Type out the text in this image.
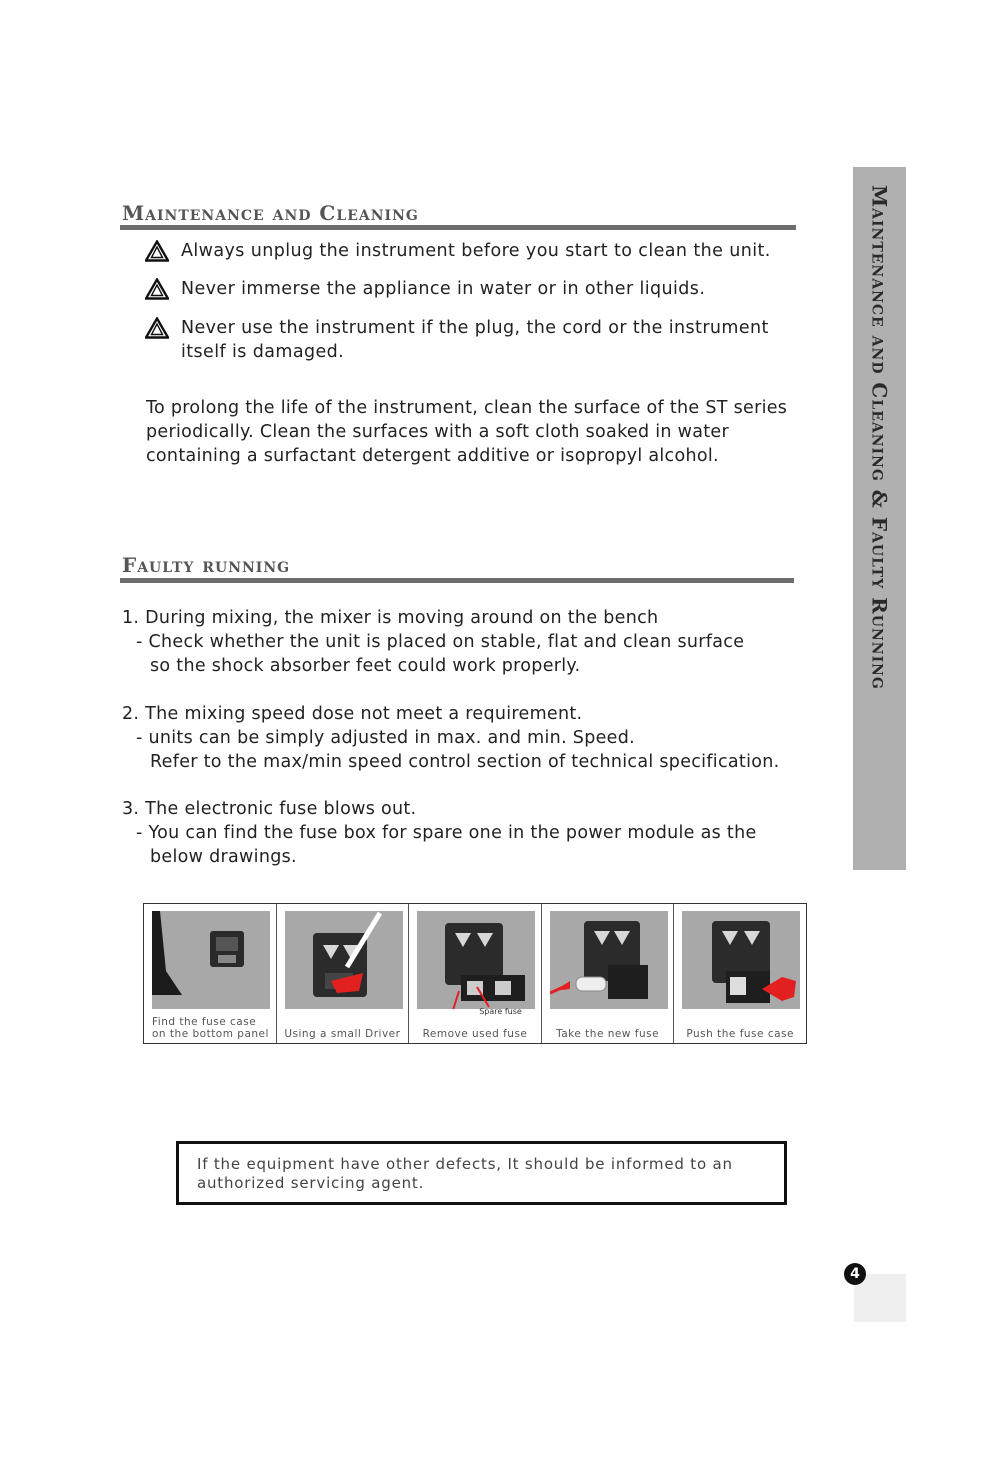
Maintenance and Cleaning
Always unplug the instrument before you start to clean the unit.
Never immerse the appliance in water or in other liquids.
Never use the instrument if the plug, the cord or the instrument
itself is damaged.
To prolong the life of the instrument, clean the surface of the ST series periodically. Clean the surfaces with a soft cloth soaked in water containing a surfactant detergent additive or isopropyl alcohol.
Faulty running
1. During mixing, the mixer is moving around on the bench
- Check whether the unit is placed on stable, flat and clean surface
so the shock absorber feet could work properly.
2. The mixing speed dose not meet a requirement.
- units can be simply adjusted in max. and min. Speed.
Refer to the max/min speed control section of technical specification.
3. The electronic fuse blows out.
- You can find the fuse box for spare one in the power module as the
below drawings.
Maintenance and Cleaning & Faulty Running
Find the fuse case
on the bottom panel	Using a small Driver
Spare fuse
Remove used fuse	Take the new fuse	Push the fuse case
If the equipment have other defects, It should be informed to an authorized servicing agent.
4
